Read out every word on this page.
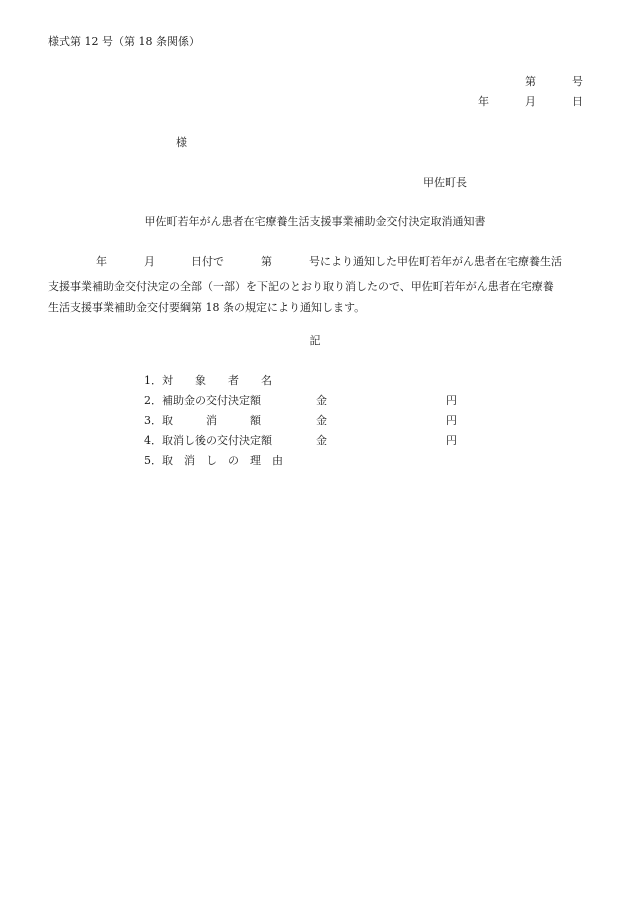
様式第 12 号（第 18 条関係）
第	号
年	月	日
様
甲佐町長
甲佐町若年がん患者在宅療養生活支援事業補助金交付決定取消通知書
年	月	日付で	第	号により通知した甲佐町若年がん患者在宅療養生活
支援事業補助金交付決定の全部（一部）を下記のとおり取り消したので、甲佐町若年がん患者在宅療養
生活支援事業補助金交付要綱第 18 条の規定により通知します。
記
1．対　　象　　者　　名
2．補助金の交付決定額	金	円
3．取　　　消　　　額	金	円
4．取消し後の交付決定額	金	円
5．取　消　し　の　理　由
